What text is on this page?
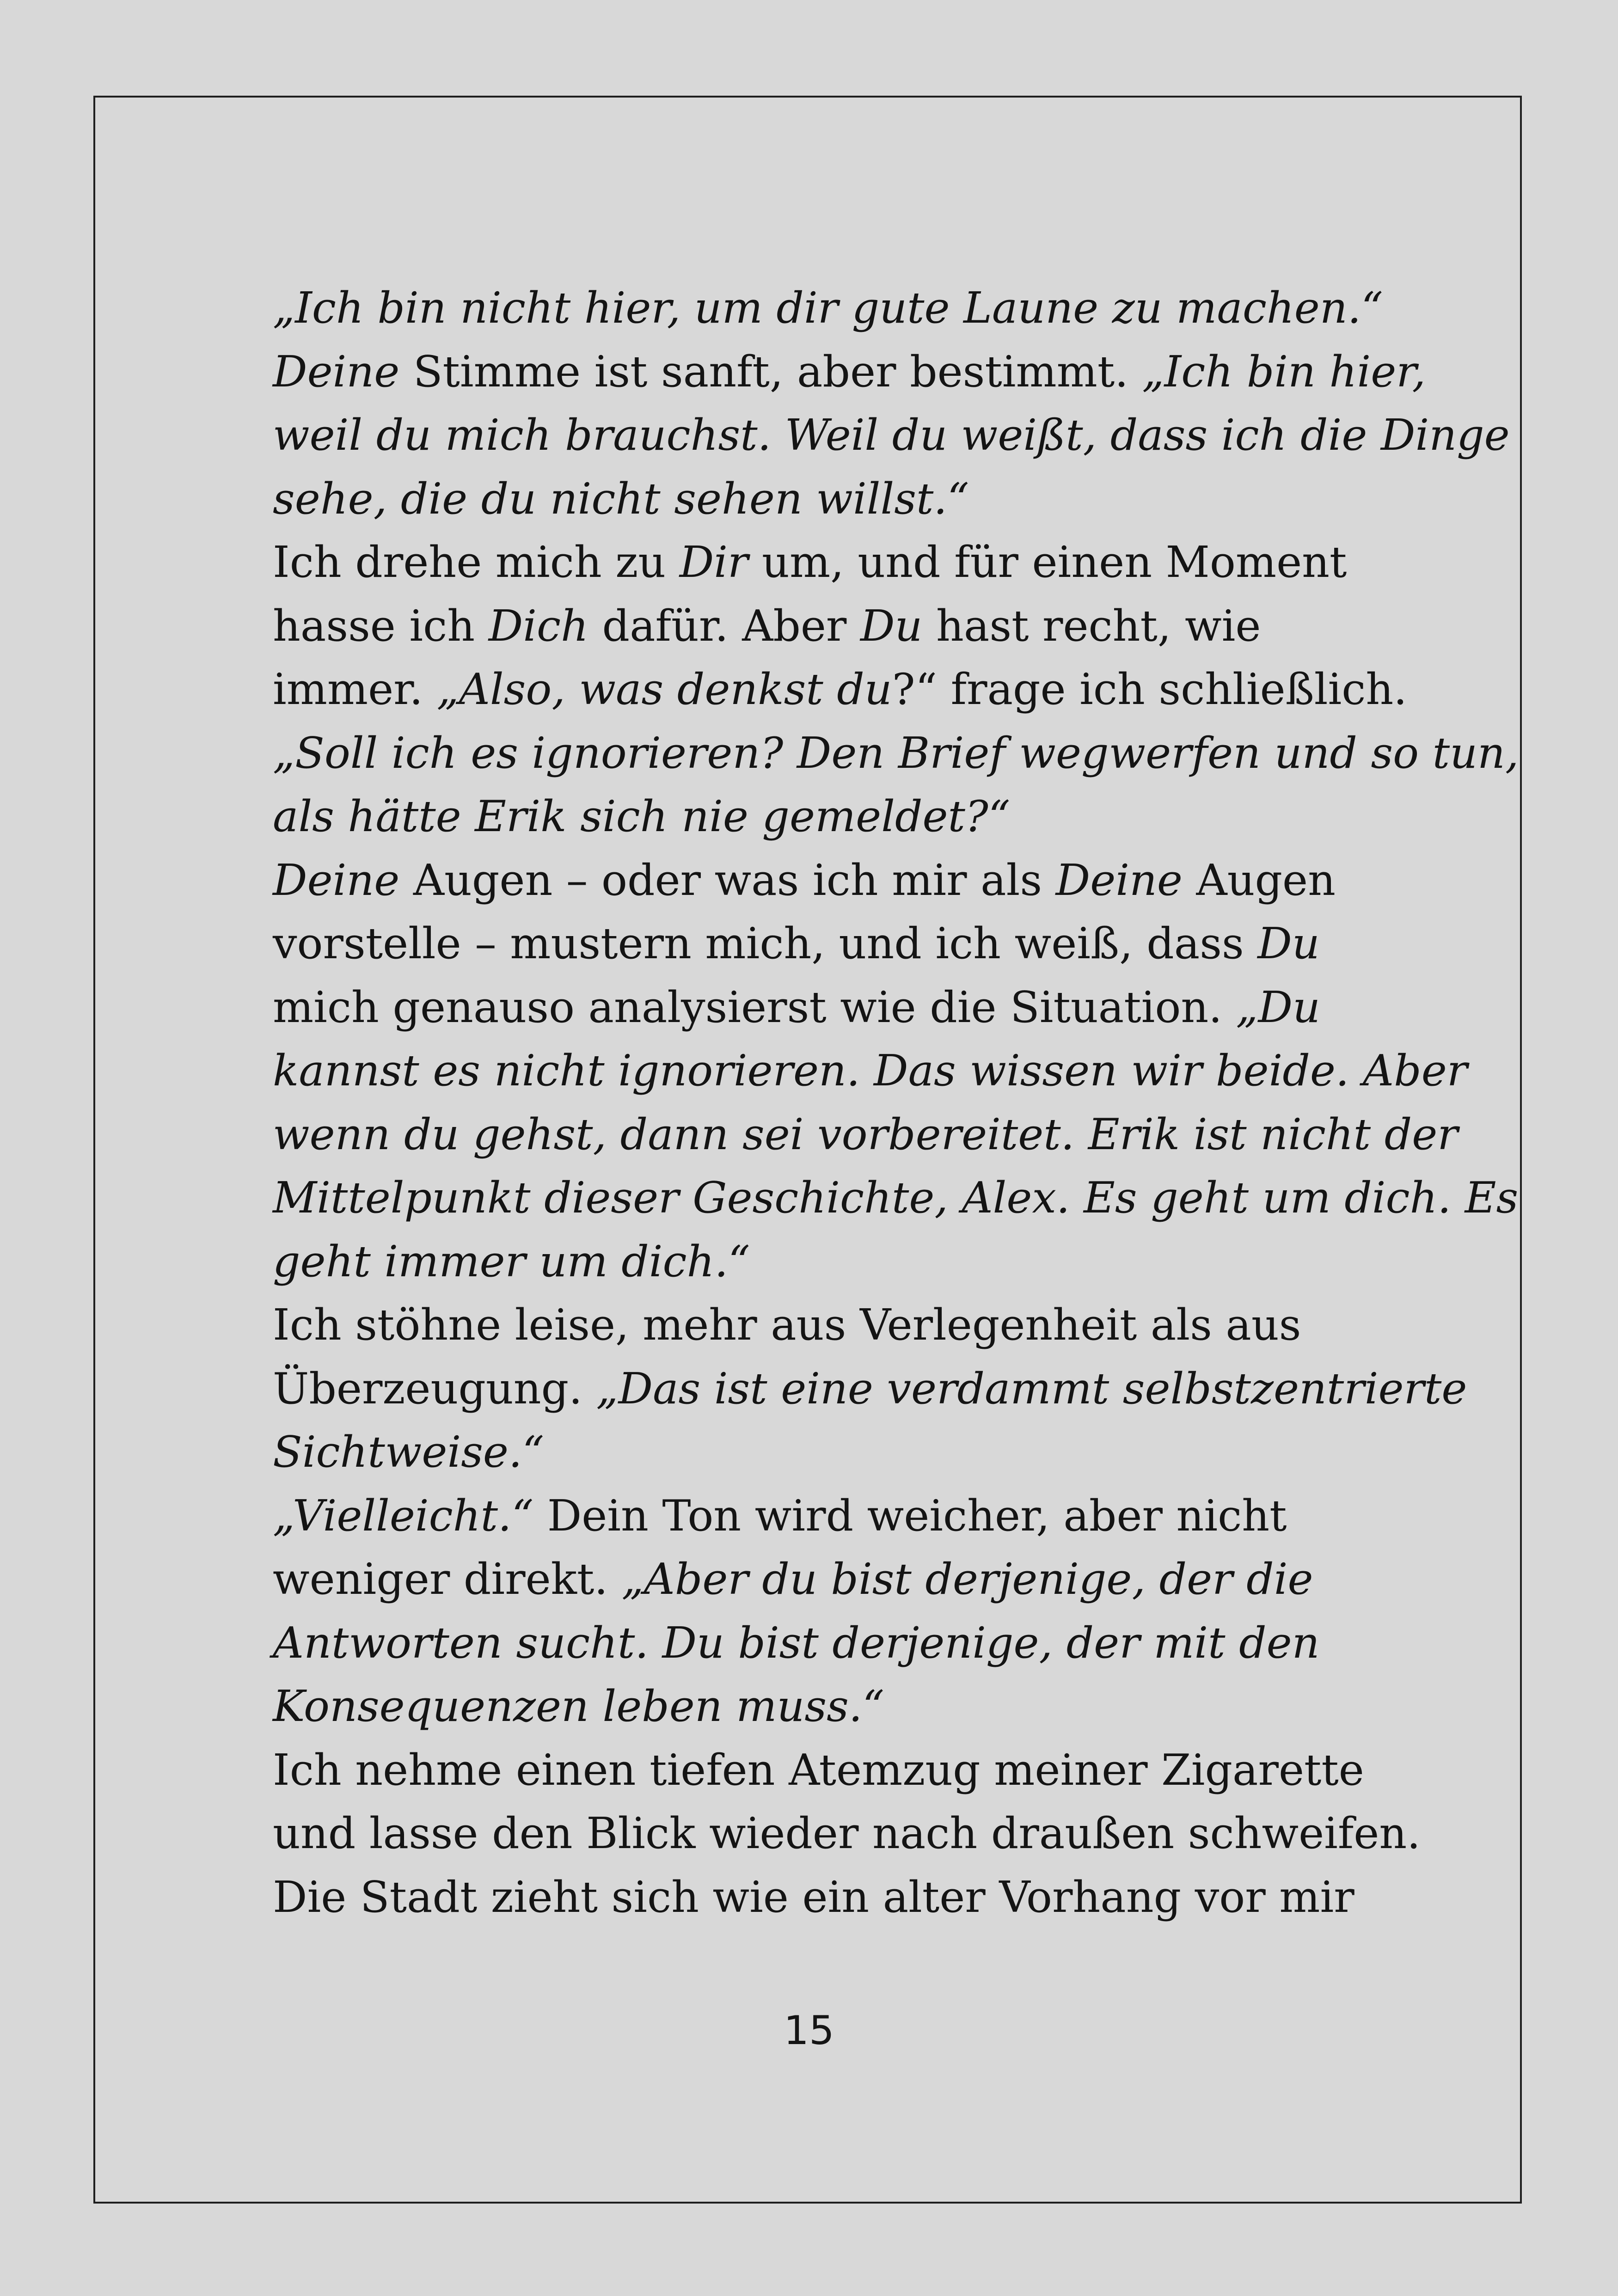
„Ich bin nicht hier, um dir gute Laune zu machen.“
Deine Stimme ist sanft, aber bestimmt. „Ich bin hier,
weil du mich brauchst. Weil du weißt, dass ich die Dinge
sehe, die du nicht sehen willst.“
Ich drehe mich zu Dir um, und für einen Moment
hasse ich Dich dafür. Aber Du hast recht, wie
immer. „Also, was denkst du?“ frage ich schließlich.
„Soll ich es ignorieren? Den Brief wegwerfen und so tun,
als hätte Erik sich nie gemeldet?“
Deine Augen – oder was ich mir als Deine Augen
vorstelle – mustern mich, und ich weiß, dass Du
mich genauso analysierst wie die Situation. „Du
kannst es nicht ignorieren. Das wissen wir beide. Aber
wenn du gehst, dann sei vorbereitet. Erik ist nicht der
Mittelpunkt dieser Geschichte, Alex. Es geht um dich. Es
geht immer um dich.“
Ich stöhne leise, mehr aus Verlegenheit als aus
Überzeugung. „Das ist eine verdammt selbstzentrierte
Sichtweise.“
„Vielleicht.“ Dein Ton wird weicher, aber nicht
weniger direkt. „Aber du bist derjenige, der die
Antworten sucht. Du bist derjenige, der mit den
Konsequenzen leben muss.“
Ich nehme einen tiefen Atemzug meiner Zigarette
und lasse den Blick wieder nach draußen schweifen.
Die Stadt zieht sich wie ein alter Vorhang vor mir
15
